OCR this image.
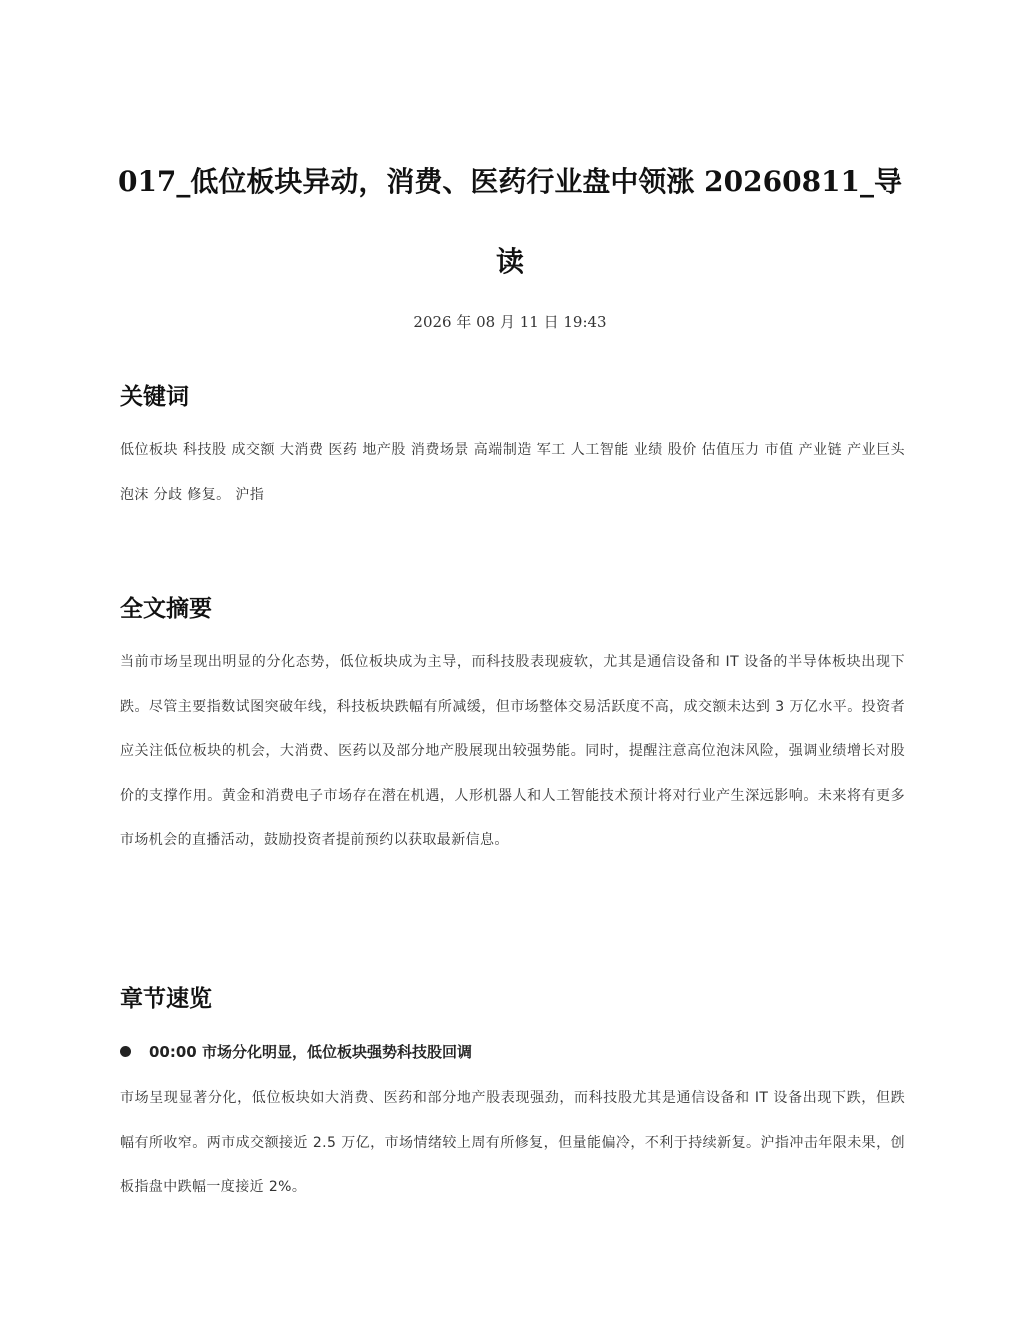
017_低位板块异动，消费、医药行业盘中领涨 20260811_导读
2026 年 08 月 11 日 19:43
关键词

低位板块 科技股 成交额 大消费 医药 地产股 消费场景 高端制造 军工 人工智能 业绩 股价 估值压力 市值 产业链 产业巨头 泡沫 分歧 修复。 沪指

全文摘要

当前市场呈现出明显的分化态势，低位板块成为主导，而科技股表现疲软，尤其是通信设备和 IT 设备的半导体板块出现下跌。尽管主要指数试图突破年线，科技板块跌幅有所减缓，但市场整体交易活跃度不高，成交额未达到 3 万亿水平。投资者应关注低位板块的机会，大消费、医药以及部分地产股展现出较强势能。同时，提醒注意高位泡沫风险，强调业绩增长对股价的支撑作用。黄金和消费电子市场存在潜在机遇，人形机器人和人工智能技术预计将对行业产生深远影响。未来将有更多市场机会的直播活动，鼓励投资者提前预约以获取最新信息。

章节速览
00:00 市场分化明显，低位板块强势科技股回调

市场呈现显著分化，低位板块如大消费、医药和部分地产股表现强劲，而科技股尤其是通信设备和 IT 设备出现下跌，但跌幅有所收窄。两市成交额接近 2.5 万亿，市场情绪较上周有所修复，但量能偏冷，不利于持续新复。沪指冲击年限未果，创板指盘中跌幅一度接近 2%。
